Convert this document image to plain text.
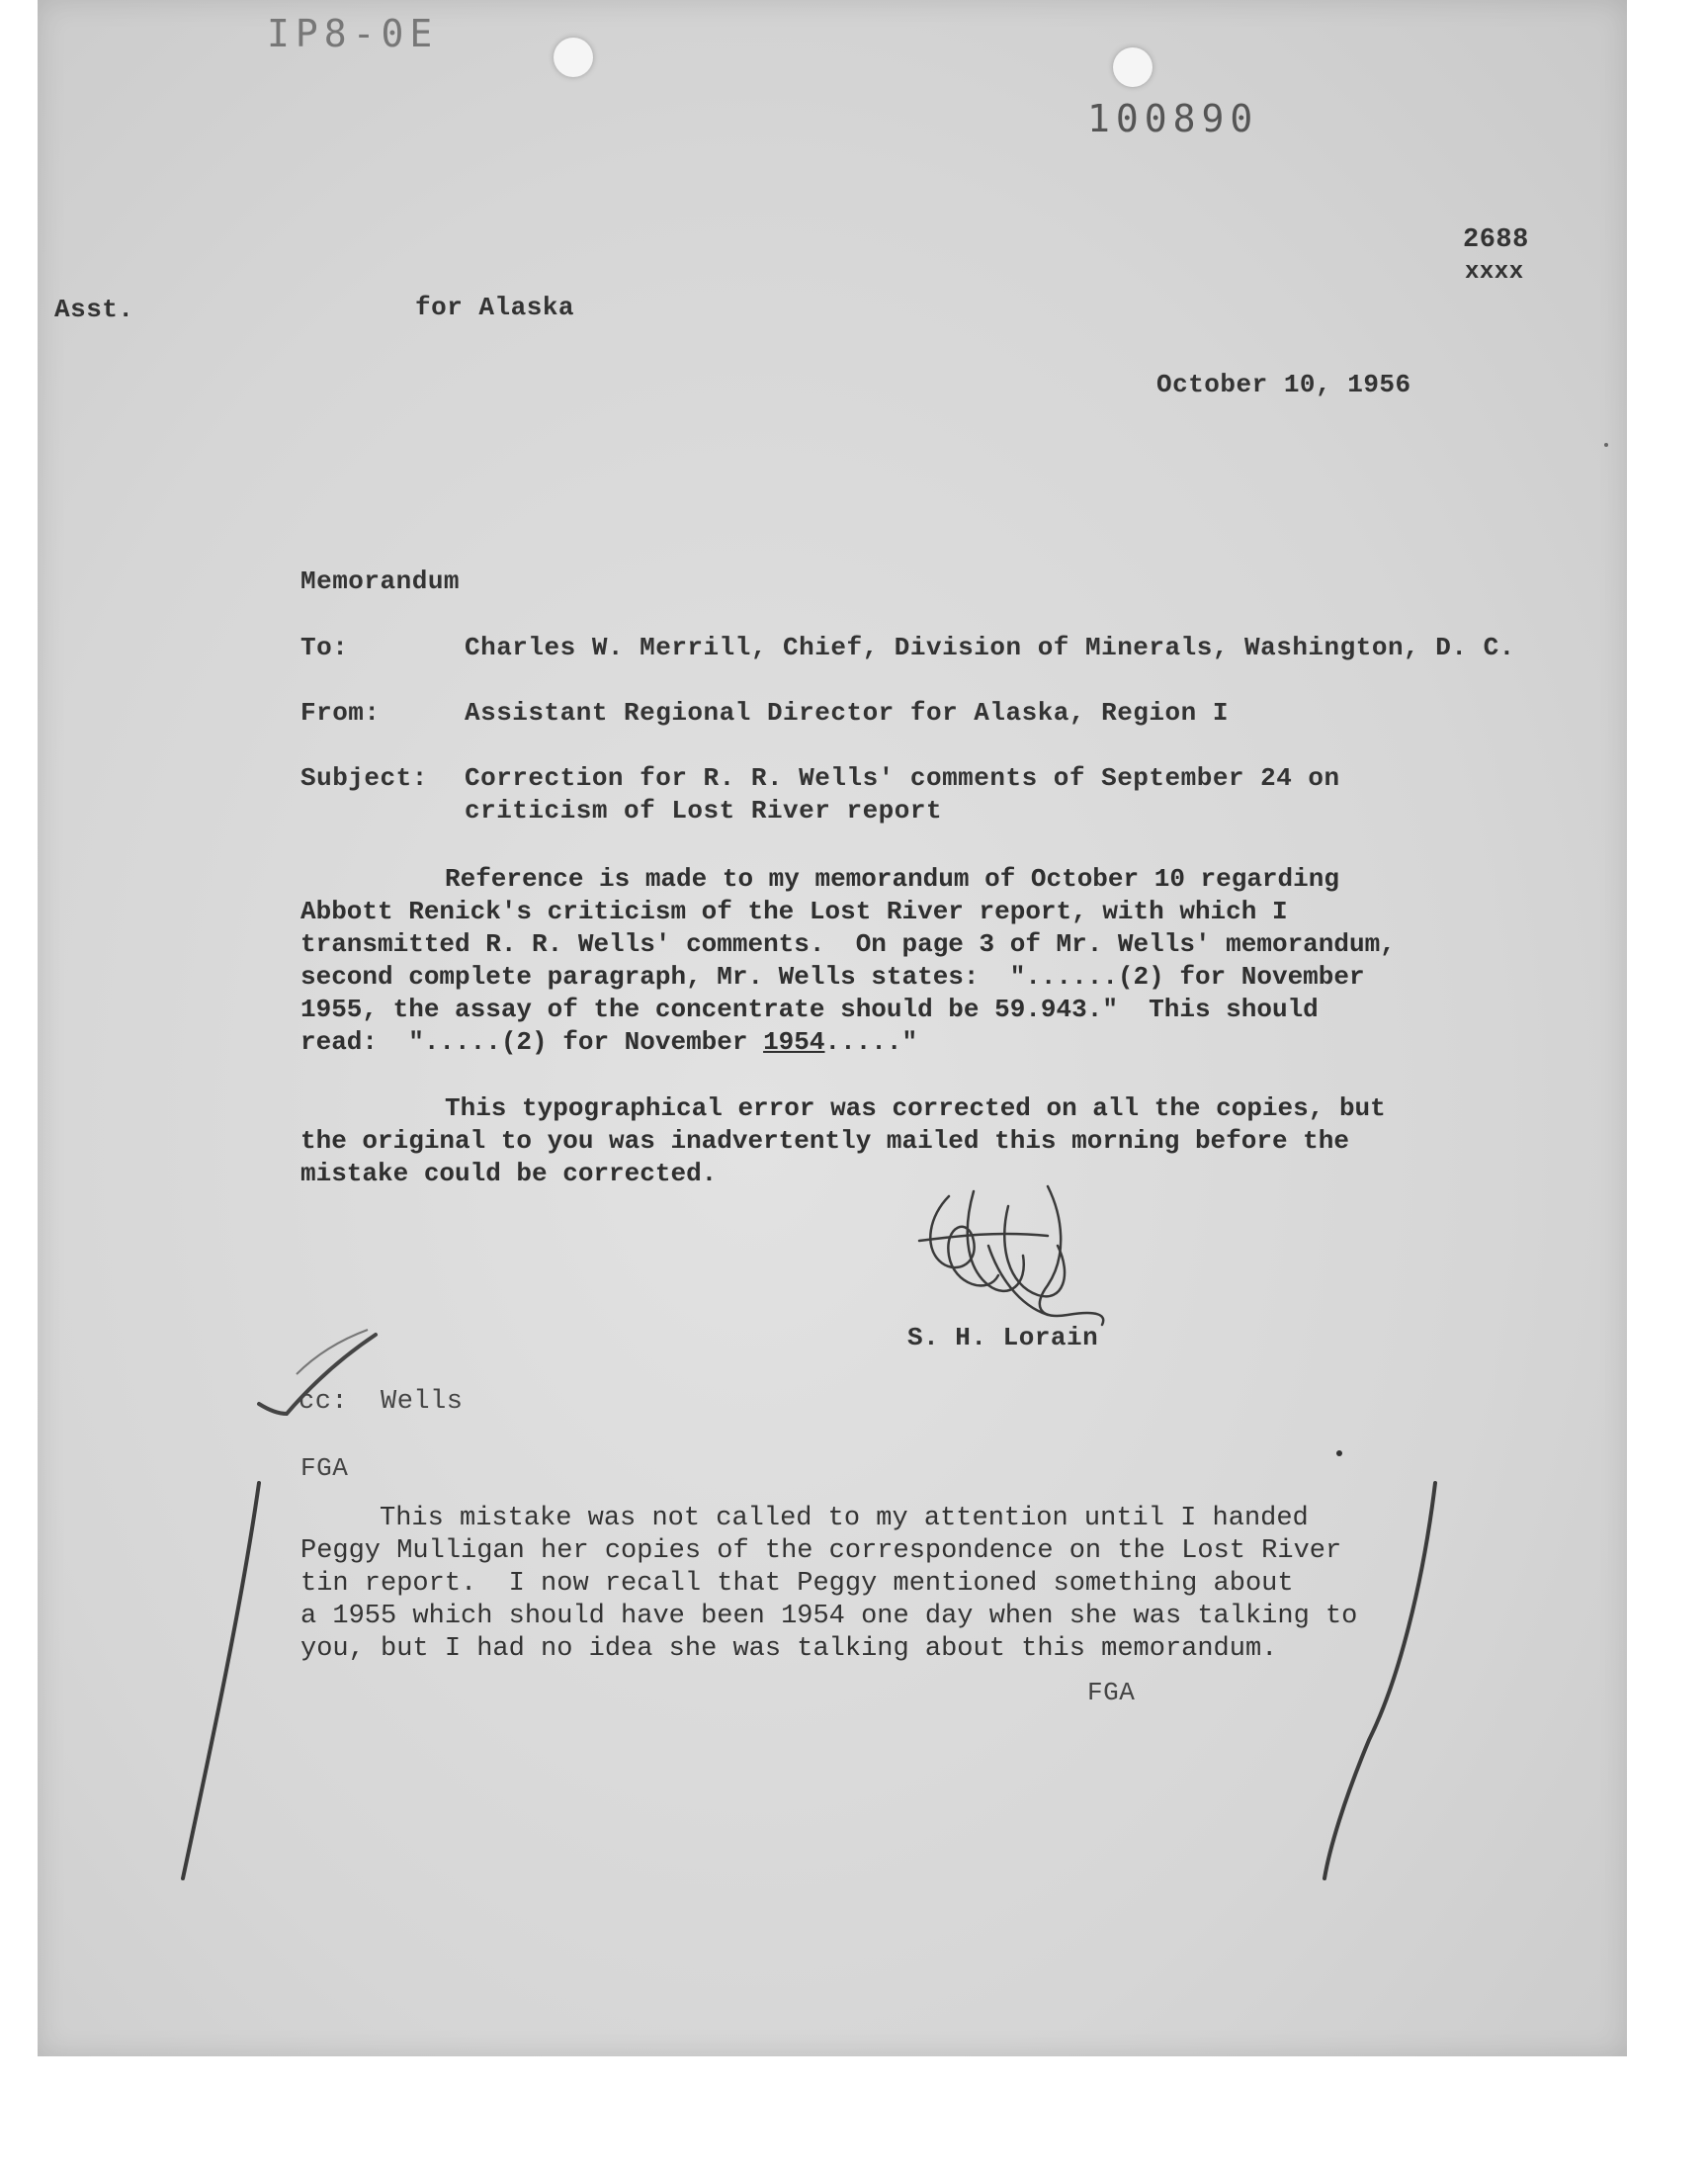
IP8-0E
100890
2688
xxxx
Asst.	for Alaska
October 10, 1956
Memorandum
To:	Charles W. Merrill, Chief, Division of Minerals, Washington, D. C.
From:	Assistant Regional Director for Alaska, Region I
Subject: Correction for R. R. Wells' comments of September 24 on
criticism of Lost River report
Reference is made to my memorandum of October 10 regarding
Abbott Renick's criticism of the Lost River report, with which I
transmitted R. R. Wells' comments.  On page 3 of Mr. Wells' memorandum,
second complete paragraph, Mr. Wells states:  "......(2) for November
1955, the assay of the concentrate should be 59.943."  This should
read:  ".....(2) for November 1954....."
This typographical error was corrected on all the copies, but
the original to you was inadvertently mailed this morning before the
mistake could be corrected.
S. H. Lorain
cc: Wells
FGA
This mistake was not called to my attention until I handed
Peggy Mulligan her copies of the correspondence on the Lost River
tin report.  I now recall that Peggy mentioned something about
a 1955 which should have been 1954 one day when she was talking to
you, but I had no idea she was talking about this memorandum.
FGA
